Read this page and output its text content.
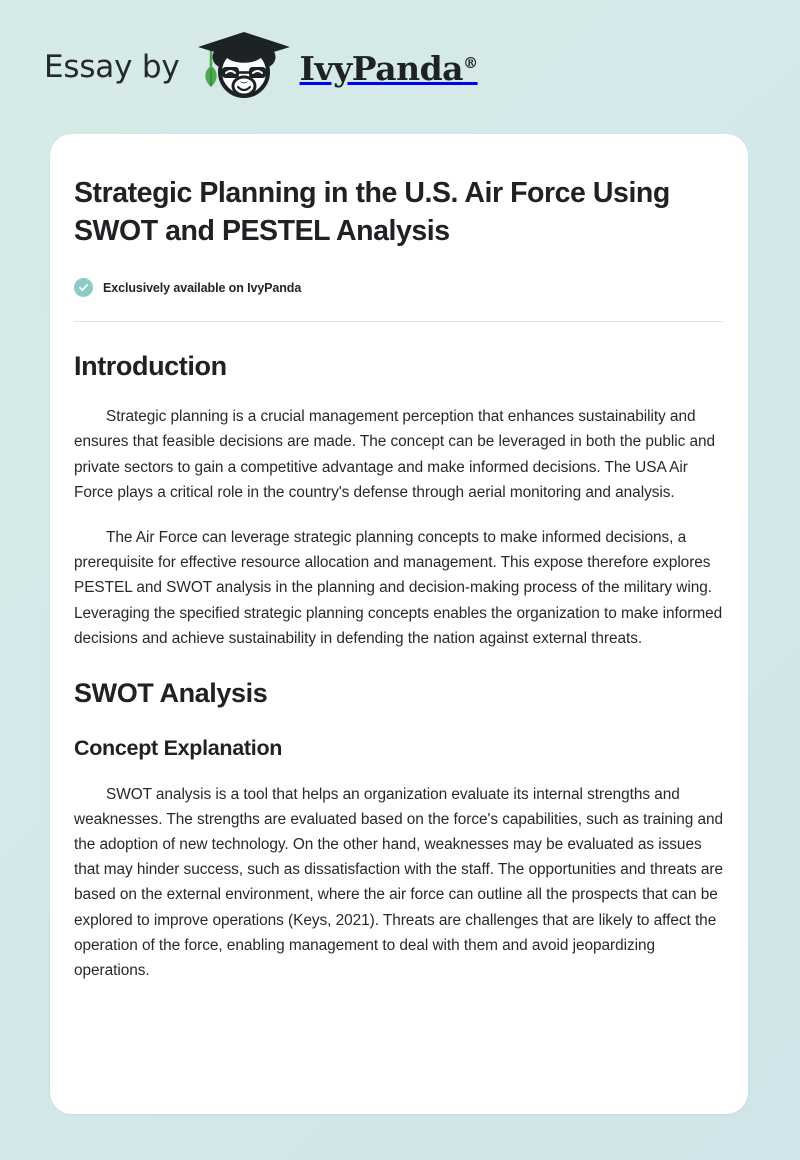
Essay by	IvyPanda®
Strategic Planning in the U.S. Air Force Using SWOT and PESTEL Analysis
Exclusively available on IvyPanda
Introduction

Strategic planning is a crucial management perception that enhances sustainability and ensures that feasible decisions are made. The concept can be leveraged in both the public and private sectors to gain a competitive advantage and make informed decisions. The USA Air Force plays a critical role in the country's defense through aerial monitoring and analysis.

The Air Force can leverage strategic planning concepts to make informed decisions, a prerequisite for effective resource allocation and management. This expose therefore explores PESTEL and SWOT analysis in the planning and decision-making process of the military wing. Leveraging the specified strategic planning concepts enables the organization to make informed decisions and achieve sustainability in defending the nation against external threats.

SWOT Analysis
Concept Explanation

SWOT analysis is a tool that helps an organization evaluate its internal strengths and weaknesses. The strengths are evaluated based on the force's capabilities, such as training and the adoption of new technology. On the other hand, weaknesses may be evaluated as issues that may hinder success, such as dissatisfaction with the staff. The opportunities and threats are based on the external environment, where the air force can outline all the prospects that can be explored to improve operations (Keys, 2021). Threats are challenges that are likely to affect the operation of the force, enabling management to deal with them and avoid jeopardizing operations.
